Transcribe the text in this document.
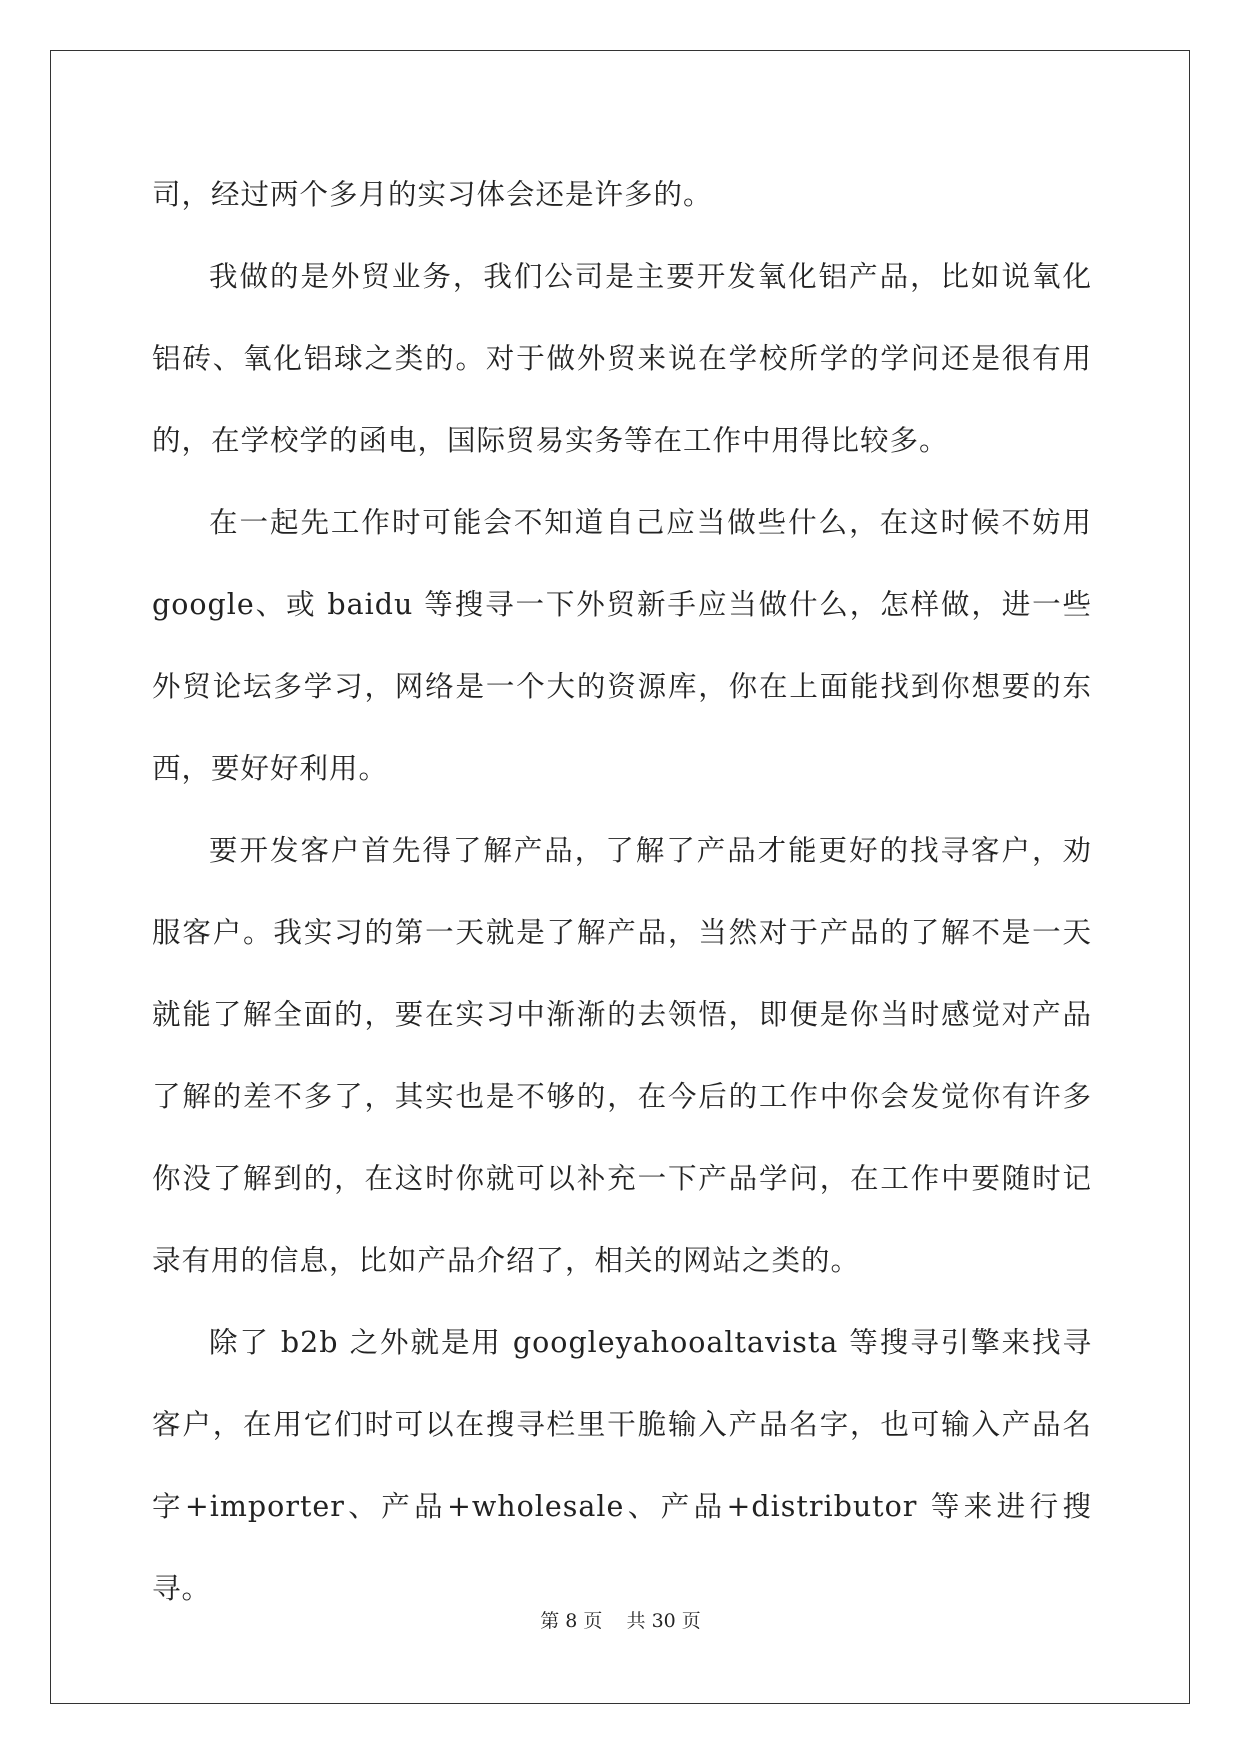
司，经过两个多月的实习体会还是许多的。

我做的是外贸业务，我们公司是主要开发氧化铝产品，比如说氧化铝砖、氧化铝球之类的。对于做外贸来说在学校所学的学问还是很有用的，在学校学的函电，国际贸易实务等在工作中用得比较多。

在一起先工作时可能会不知道自己应当做些什么，在这时候不妨用 google、或 baidu 等搜寻一下外贸新手应当做什么，怎样做，进一些外贸论坛多学习，网络是一个大的资源库，你在上面能找到你想要的东西，要好好利用。

要开发客户首先得了解产品，了解了产品才能更好的找寻客户，劝服客户。我实习的第一天就是了解产品，当然对于产品的了解不是一天就能了解全面的，要在实习中渐渐的去领悟，即便是你当时感觉对产品了解的差不多了，其实也是不够的，在今后的工作中你会发觉你有许多你没了解到的，在这时你就可以补充一下产品学问，在工作中要随时记录有用的信息，比如产品介绍了，相关的网站之类的。

除了 b2b 之外就是用 googleyahooaltavista 等搜寻引擎来找寻客户，在用它们时可以在搜寻栏里干脆输入产品名字，也可输入产品名字+importer、产品+wholesale、产品+distributor 等来进行搜寻。

第 8 页 共 30 页
